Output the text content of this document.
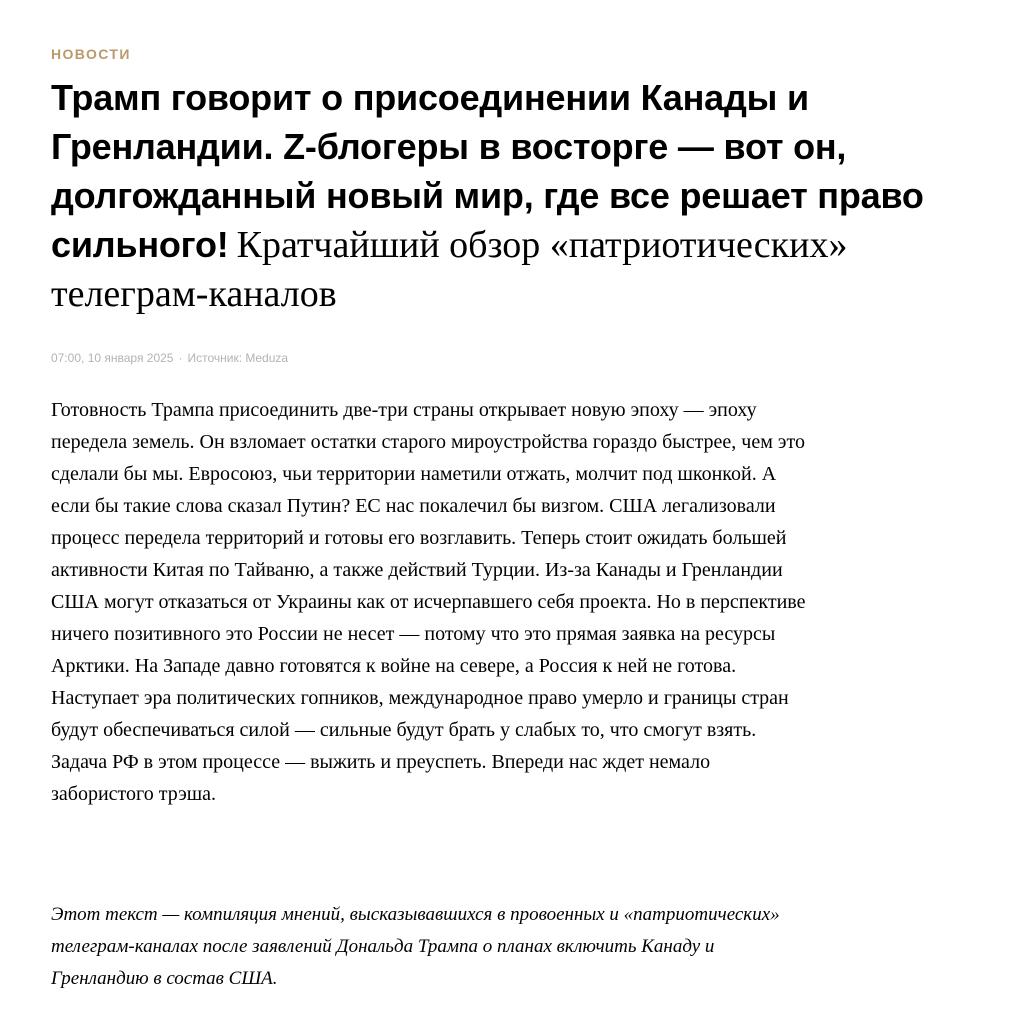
НОВОСТИ
Трамп говорит о присоединении Канады и Гренландии. Z-блогеры в восторге — вот он, долгожданный новый мир, где все решает право сильного! Кратчайший обзор «патриотических» телеграм-каналов
07:00, 10 января 2025 · Источник: Meduza

Готовность Трампа присоединить две-три страны открывает новую эпоху — эпоху передела земель. Он взломает остатки старого мироустройства гораздо быстрее, чем это сделали бы мы. Евросоюз, чьи территории наметили отжать, молчит под шконкой. А если бы такие слова сказал Путин? ЕС нас покалечил бы визгом. США легализовали процесс передела территорий и готовы его возглавить. Теперь стоит ожидать большей активности Китая по Тайваню, а также действий Турции. Из-за Канады и Гренландии США могут отказаться от Украины как от исчерпавшего себя проекта. Но в перспективе ничего позитивного это России не несет — потому что это прямая заявка на ресурсы Арктики. На Западе давно готовятся к войне на севере, а Россия к ней не готова. Наступает эра политических гопников, международное право умерло и границы стран будут обеспечиваться силой — сильные будут брать у слабых то, что смогут взять. Задача РФ в этом процессе — выжить и преуспеть. Впереди нас ждет немало забористого трэша.

Этот текст — компиляция мнений, высказывавшихся в провоенных и «патриотических» телеграм-каналах после заявлений Дональда Трампа о планах включить Канаду и Гренландию в состав США.
